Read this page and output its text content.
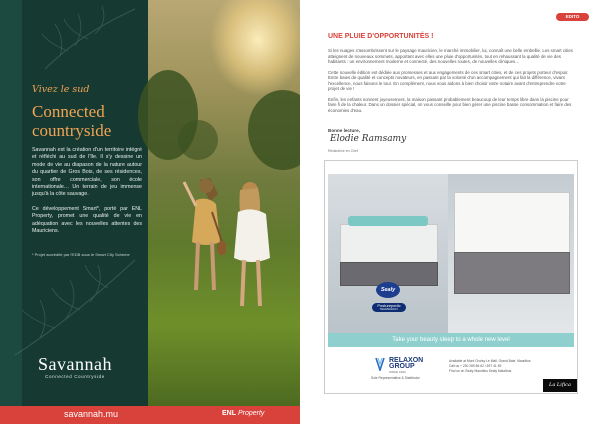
Vivez le sud
Connected countryside

Savannah est la création d'un territoire intégré et réfléchi au sud de l'île. Il s'y dessine un mode de vie au diapason de la nature autour du quartier de Gros Bois, de ses résidences, son offre commerciale, son école internationale… Un terrain de jeu immense jusqu'à la côte sauvage.

Ce développement Smart*, porté par ENL Property, promet une qualité de vie en adéquation avec les nouvelles attentes des Mauriciens.

* Projet accrédité par l'EDB sous le Smart City Scheme
Savannah
Connected Countryside
savannah.mu	ENL Property
EDITO
UNE PLUIE D'OPPORTUNITÉS !

Si les nuages s'assombrissent sur le paysage mauricien, le marché immobilier, lui, connaît une belle embellie. Les smart cities atteignent de nouveaux sommets, apportant avec elles une pluie d'opportunités, tout en rehaussant la qualité de vie des habitants : un environnement moderne et connecté, des nouvelles routes, de nouvelles cliniques…

Cette nouvelle édition est dédiée aux promesses et aux engagements de ces smart cities, et de ces projets porteur d'espoir. Entre baies de qualité et concepts novateurs, en passant par la volonté d'un accompagnement qui fait la différence, vivant l'excellence, nous faisons le tour. En complément, nous vous aidons à bien choisir votre notaire avant d'entreprendre votre projet de vie !

Enfin, les enfants sonnent joyeusement, la maison passant probablement beaucoup de leur temps libre dans la piscine pour faire fi de la chaleur. Dans un dossier spécial, on vous conseille pour bien gérer une piscine basse consommation et faire des économies d'eau.

Bonne lecture,
Elodie Ramsamy
Rédactrice en Chef
Sealy
Posturepedic
TECHNOLOGY
Take your beauty sleep to a whole new level
RELAXON
GROUP
SINCE 1992
Sole Representative & Distributor
Available at Mont Choisy Le Mall, Grand Baie, Mauritius
Call us + 230 269 66 62 / 697 41 59
Find us on Sealy Mauritius Sealy Mauritius
La Lifica
